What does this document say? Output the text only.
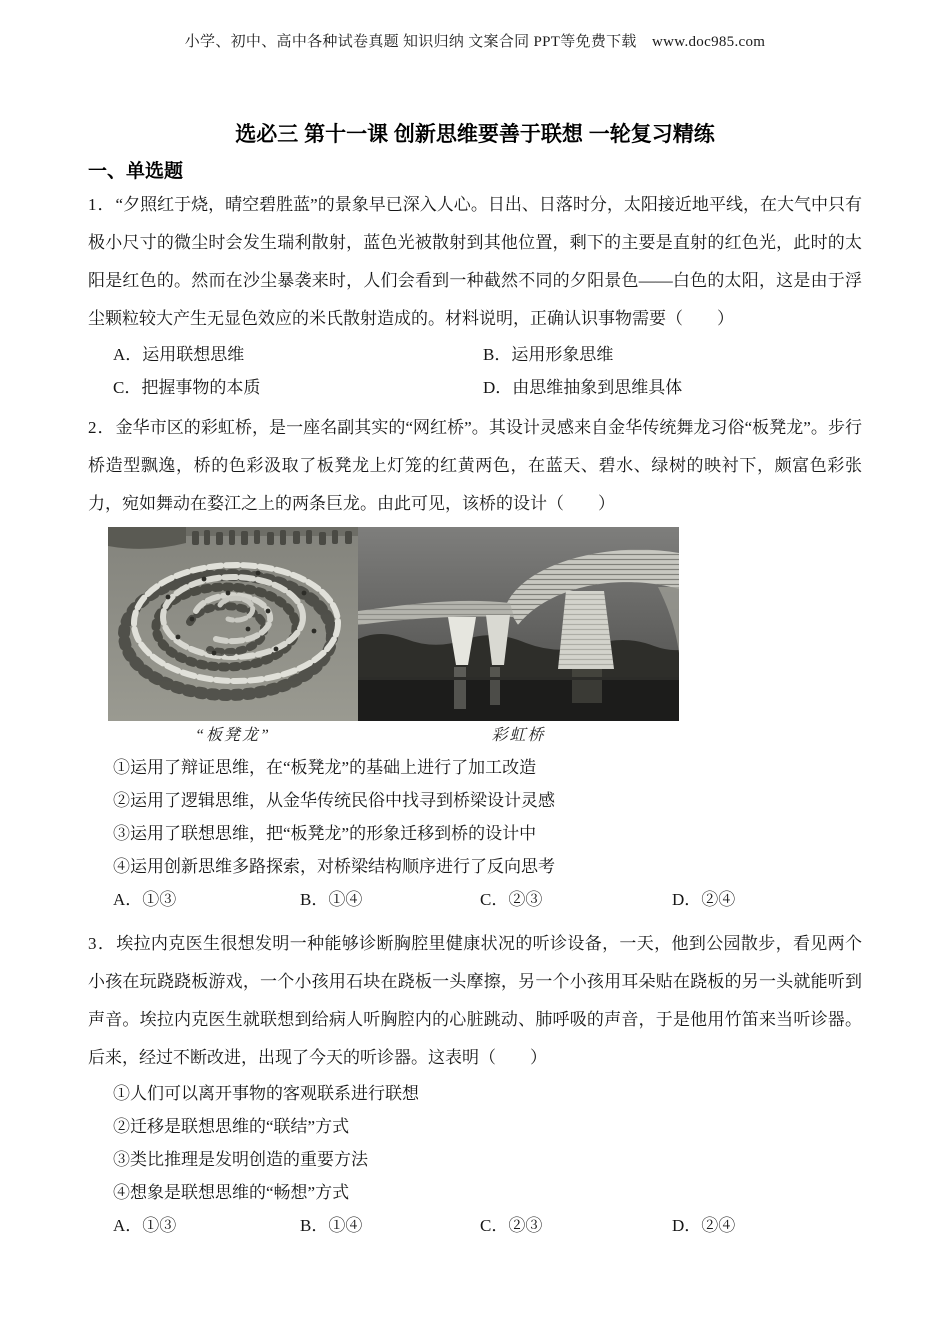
小学、初中、高中各种试卷真题 知识归纳 文案合同 PPT等免费下载　www.doc985.com
选必三 第十一课 创新思维要善于联想 一轮复习精练
一、单选题

1．“夕照红于烧，晴空碧胜蓝”的景象早已深入人心。日出、日落时分，太阳接近地平线，在大气中只有极小尺寸的微尘时会发生瑞利散射，蓝色光被散射到其他位置，剩下的主要是直射的红色光，此时的太阳是红色的。然而在沙尘暴袭来时，人们会看到一种截然不同的夕阳景色——白色的太阳，这是由于浮尘颗粒较大产生无显色效应的米氏散射造成的。材料说明，正确认识事物需要（　　）

A．运用联想思维	B．运用形象思维
C．把握事物的本质	D．由思维抽象到思维具体

2．金华市区的彩虹桥，是一座名副其实的“网红桥”。其设计灵感来自金华传统舞龙习俗“板凳龙”。步行桥造型飘逸，桥的色彩汲取了板凳龙上灯笼的红黄两色，在蓝天、碧水、绿树的映衬下，颇富色彩张力，宛如舞动在婺江之上的两条巨龙。由此可见，该桥的设计（　　）

“板凳龙”	彩虹桥

①运用了辩证思维，在“板凳龙”的基础上进行了加工改造

②运用了逻辑思维，从金华传统民俗中找寻到桥梁设计灵感

③运用了联想思维，把“板凳龙”的形象迁移到桥的设计中

④运用创新思维多路探索，对桥梁结构顺序进行了反向思考

A．①③	B．①④	C．②③	D．②④

3．埃拉内克医生很想发明一种能够诊断胸腔里健康状况的听诊设备，一天，他到公园散步，看见两个小孩在玩跷跷板游戏，一个小孩用石块在跷板一头摩擦，另一个小孩用耳朵贴在跷板的另一头就能听到声音。埃拉内克医生就联想到给病人听胸腔内的心脏跳动、肺呼吸的声音，于是他用竹笛来当听诊器。后来，经过不断改进，出现了今天的听诊器。这表明（　　）

①人们可以离开事物的客观联系进行联想

②迁移是联想思维的“联结”方式

③类比推理是发明创造的重要方法

④想象是联想思维的“畅想”方式

A．①③	B．①④	C．②③	D．②④
